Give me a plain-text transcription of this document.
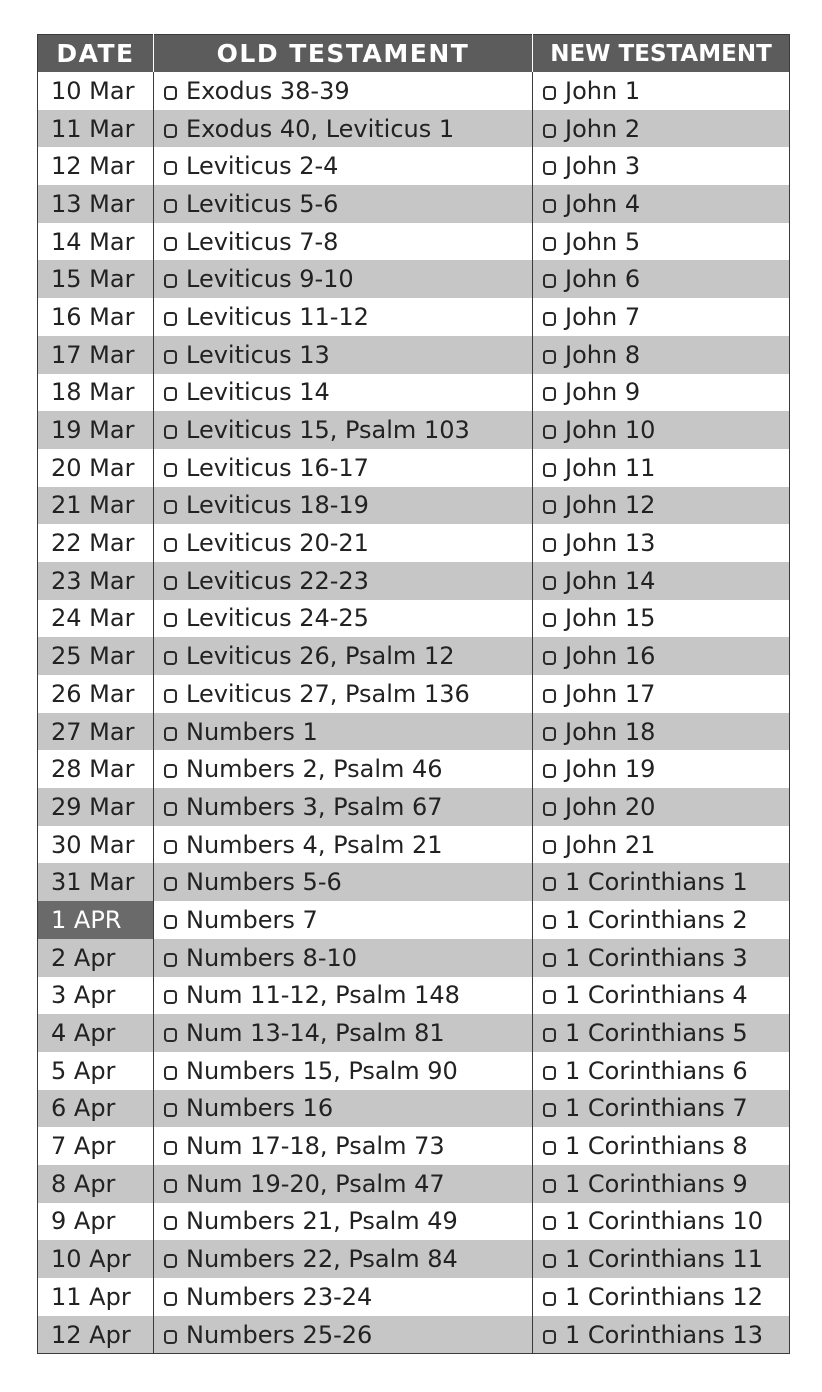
DATE	OLD TESTAMENT	NEW TESTAMENT
10 Mar	Exodus 38-39	John 1
11 Mar	Exodus 40, Leviticus 1	John 2
12 Mar	Leviticus 2-4	John 3
13 Mar	Leviticus 5-6	John 4
14 Mar	Leviticus 7-8	John 5
15 Mar	Leviticus 9-10	John 6
16 Mar	Leviticus 11-12	John 7
17 Mar	Leviticus 13	John 8
18 Mar	Leviticus 14	John 9
19 Mar	Leviticus 15, Psalm 103	John 10
20 Mar	Leviticus 16-17	John 11
21 Mar	Leviticus 18-19	John 12
22 Mar	Leviticus 20-21	John 13
23 Mar	Leviticus 22-23	John 14
24 Mar	Leviticus 24-25	John 15
25 Mar	Leviticus 26, Psalm 12	John 16
26 Mar	Leviticus 27, Psalm 136	John 17
27 Mar	Numbers 1	John 18
28 Mar	Numbers 2, Psalm 46	John 19
29 Mar	Numbers 3, Psalm 67	John 20
30 Mar	Numbers 4, Psalm 21	John 21
31 Mar	Numbers 5-6	1 Corinthians 1
1 APR	Numbers 7	1 Corinthians 2
2 Apr	Numbers 8-10	1 Corinthians 3
3 Apr	Num 11-12, Psalm 148	1 Corinthians 4
4 Apr	Num 13-14, Psalm 81	1 Corinthians 5
5 Apr	Numbers 15, Psalm 90	1 Corinthians 6
6 Apr	Numbers 16	1 Corinthians 7
7 Apr	Num 17-18, Psalm 73	1 Corinthians 8
8 Apr	Num 19-20, Psalm 47	1 Corinthians 9
9 Apr	Numbers 21, Psalm 49	1 Corinthians 10
10 Apr	Numbers 22, Psalm 84	1 Corinthians 11
11 Apr	Numbers 23-24	1 Corinthians 12
12 Apr	Numbers 25-26	1 Corinthians 13
